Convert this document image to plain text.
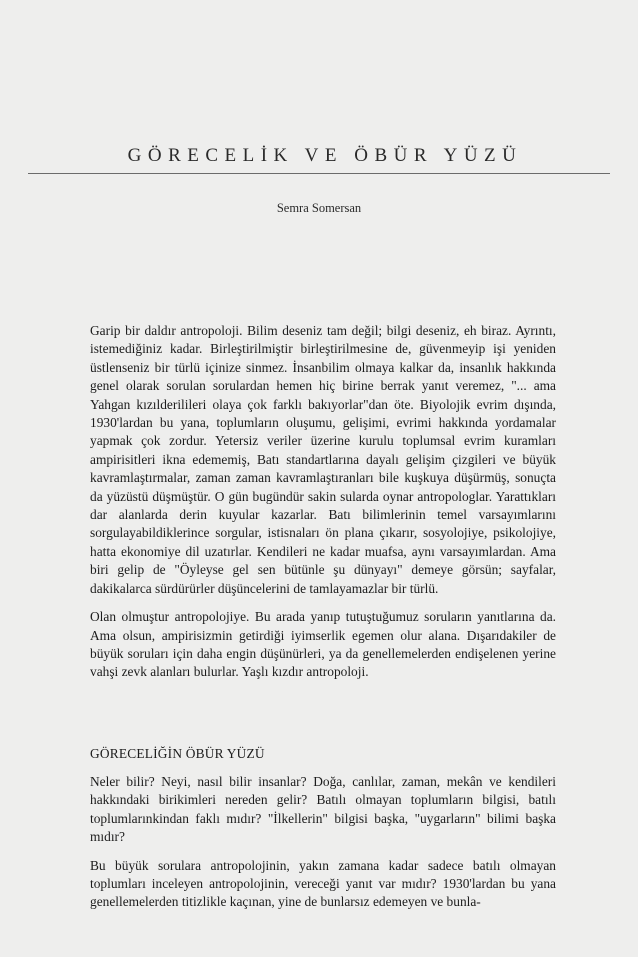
GÖRECELİK VE ÖBÜR YÜZÜ
Semra Somersan

Garip bir daldır antropoloji. Bilim deseniz tam değil; bilgi deseniz, eh biraz. Ayrıntı, istemediğiniz kadar. Birleştirilmiştir birleştirilmesine de, güvenmeyip işi yeniden üstlenseniz bir türlü içinize sinmez. İnsanbilim olmaya kalkar da, insanlık hakkında genel olarak sorulan sorulardan hemen hiç birine berrak yanıt veremez, "... ama Yahgan kızılderilileri olaya çok farklı bakıyorlar"dan öte. Biyolojik evrim dışında, 1930'lardan bu yana, toplumların oluşumu, gelişimi, evrimi hakkında yordamalar yapmak çok zordur. Yetersiz veriler üzerine kurulu toplumsal evrim kuramları ampirisitleri ikna edememiş, Batı standartlarına dayalı gelişim çizgileri ve büyük kavramlaştırmalar, zaman zaman kavramlaştıranları bile kuşkuya düşürmüş, sonuçta da yüzüstü düşmüştür. O gün bugündür sakin sularda oynar antropologlar. Yarattıkları dar alanlarda derin kuyular kazarlar. Batı bilimlerinin temel varsayımlarını sorgulayabildiklerince sorgular, istisnaları ön plana çıkarır, sosyolojiye, psikolojiye, hatta ekonomiye dil uzatırlar. Kendileri ne kadar muafsa, aynı varsayımlardan. Ama biri gelip de "Öyleyse gel sen bütünle şu dünyayı" demeye görsün; sayfalar, dakikalarca sürdürürler düşüncelerini de tamlayamazlar bir türlü.

Olan olmuştur antropolojiye. Bu arada yanıp tutuştuğumuz soruların yanıtlarına da. Ama olsun, ampirisizmin getirdiği iyimserlik egemen olur alana. Dışarıdakiler de büyük soruları için daha engin düşünürleri, ya da genellemelerden endişelenen yerine vahşi zevk alanları bulurlar. Yaşlı kızdır antropoloji.

GÖRECELİĞİN ÖBÜR YÜZÜ

Neler bilir? Neyi, nasıl bilir insanlar? Doğa, canlılar, zaman, mekân ve kendileri hakkındaki birikimleri nereden gelir? Batılı olmayan toplumların bilgisi, batılı toplumlarınkindan faklı mıdır? "İlkellerin" bilgisi başka, "uygarların" bilimi başka mıdır?

Bu büyük sorulara antropolojinin, yakın zamana kadar sadece batılı olmayan toplumları inceleyen antropolojinin, vereceği yanıt var mıdır? 1930'lardan bu yana genellemelerden titizlikle kaçınan, yine de bunlarsız edemeyen ve bunla-
